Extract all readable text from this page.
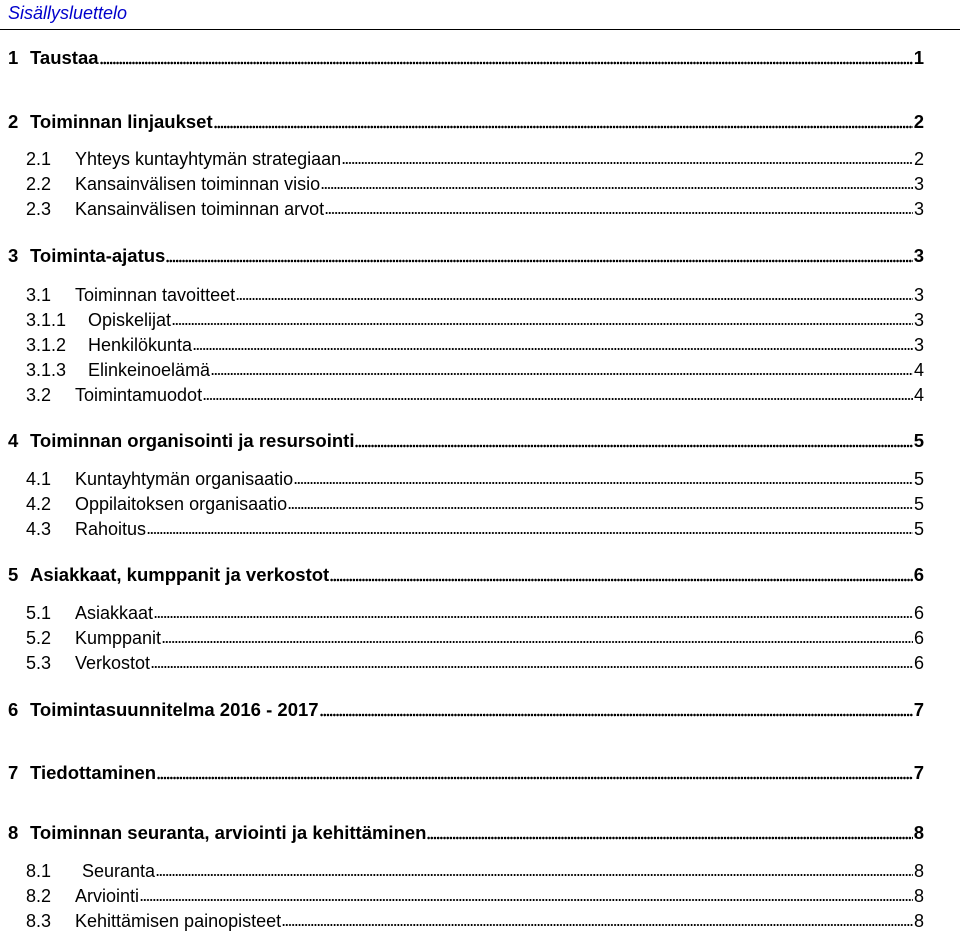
Sisällysluettelo
1 Taustaa	1
2 Toiminnan linjaukset	2
2.1	Yhteys kuntayhtymän strategiaan	2
2.2	Kansainvälisen toiminnan visio	3
2.3	Kansainvälisen toiminnan arvot	3
3 Toiminta-ajatus	3
3.1	Toiminnan tavoitteet	3
3.1.1	Opiskelijat	3
3.1.2	Henkilökunta	3
3.1.3	Elinkeinoelämä	4
3.2	Toimintamuodot	4
4 Toiminnan organisointi ja resursointi	5
4.1	Kuntayhtymän organisaatio	5
4.2	Oppilaitoksen organisaatio	5
4.3	Rahoitus	5
5 Asiakkaat, kumppanit ja verkostot	6
5.1	Asiakkaat	6
5.2	Kumppanit	6
5.3	Verkostot	6
6 Toimintasuunnitelma 2016 - 2017	7
7 Tiedottaminen	7
8 Toiminnan seuranta, arviointi ja kehittäminen	8
8.1	Seuranta	8
8.2	Arviointi	8
8.3	Kehittämisen painopisteet	8
